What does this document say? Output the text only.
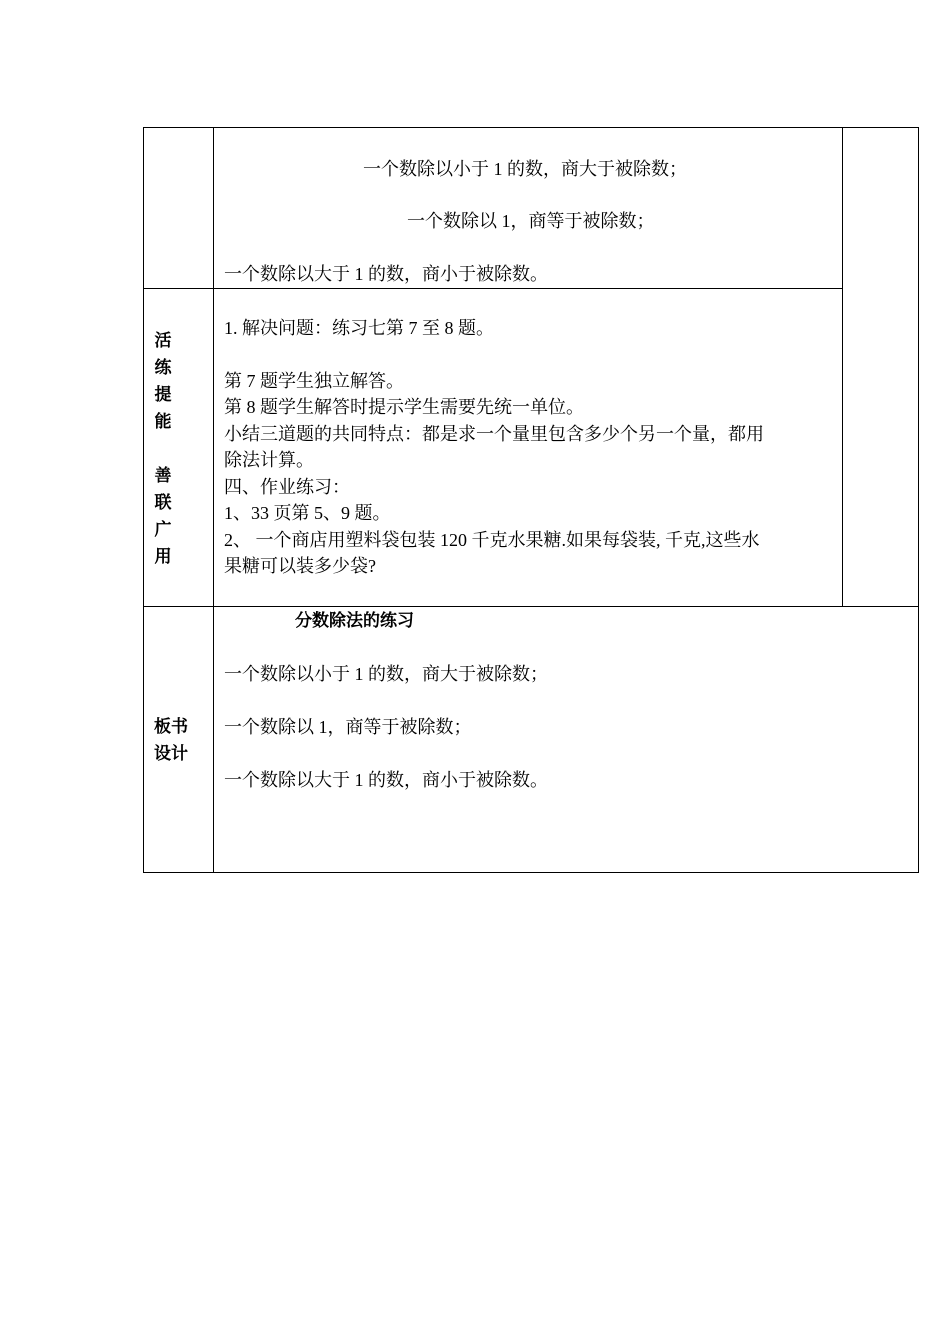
一个数除以小于 1 的数，商大于被除数；
一个数除以 1，商等于被除数；
一个数除以大于 1 的数，商小于被除数。
活
练
提
能
善
联
广
用
1. 解决问题：练习七第 7 至 8 题。
第 7 题学生独立解答。
第 8 题学生解答时提示学生需要先统一单位。
小结三道题的共同特点：都是求一个量里包含多少个另一个量，都用
除法计算。
四、作业练习：
1、33 页第 5、9 题。
2、 一个商店用塑料袋包装 120 千克水果糖.如果每袋装, 千克,这些水
果糖可以装多少袋?
板书
设计
分数除法的练习
一个数除以小于 1 的数，商大于被除数；
一个数除以 1，商等于被除数；
一个数除以大于 1 的数，商小于被除数。
